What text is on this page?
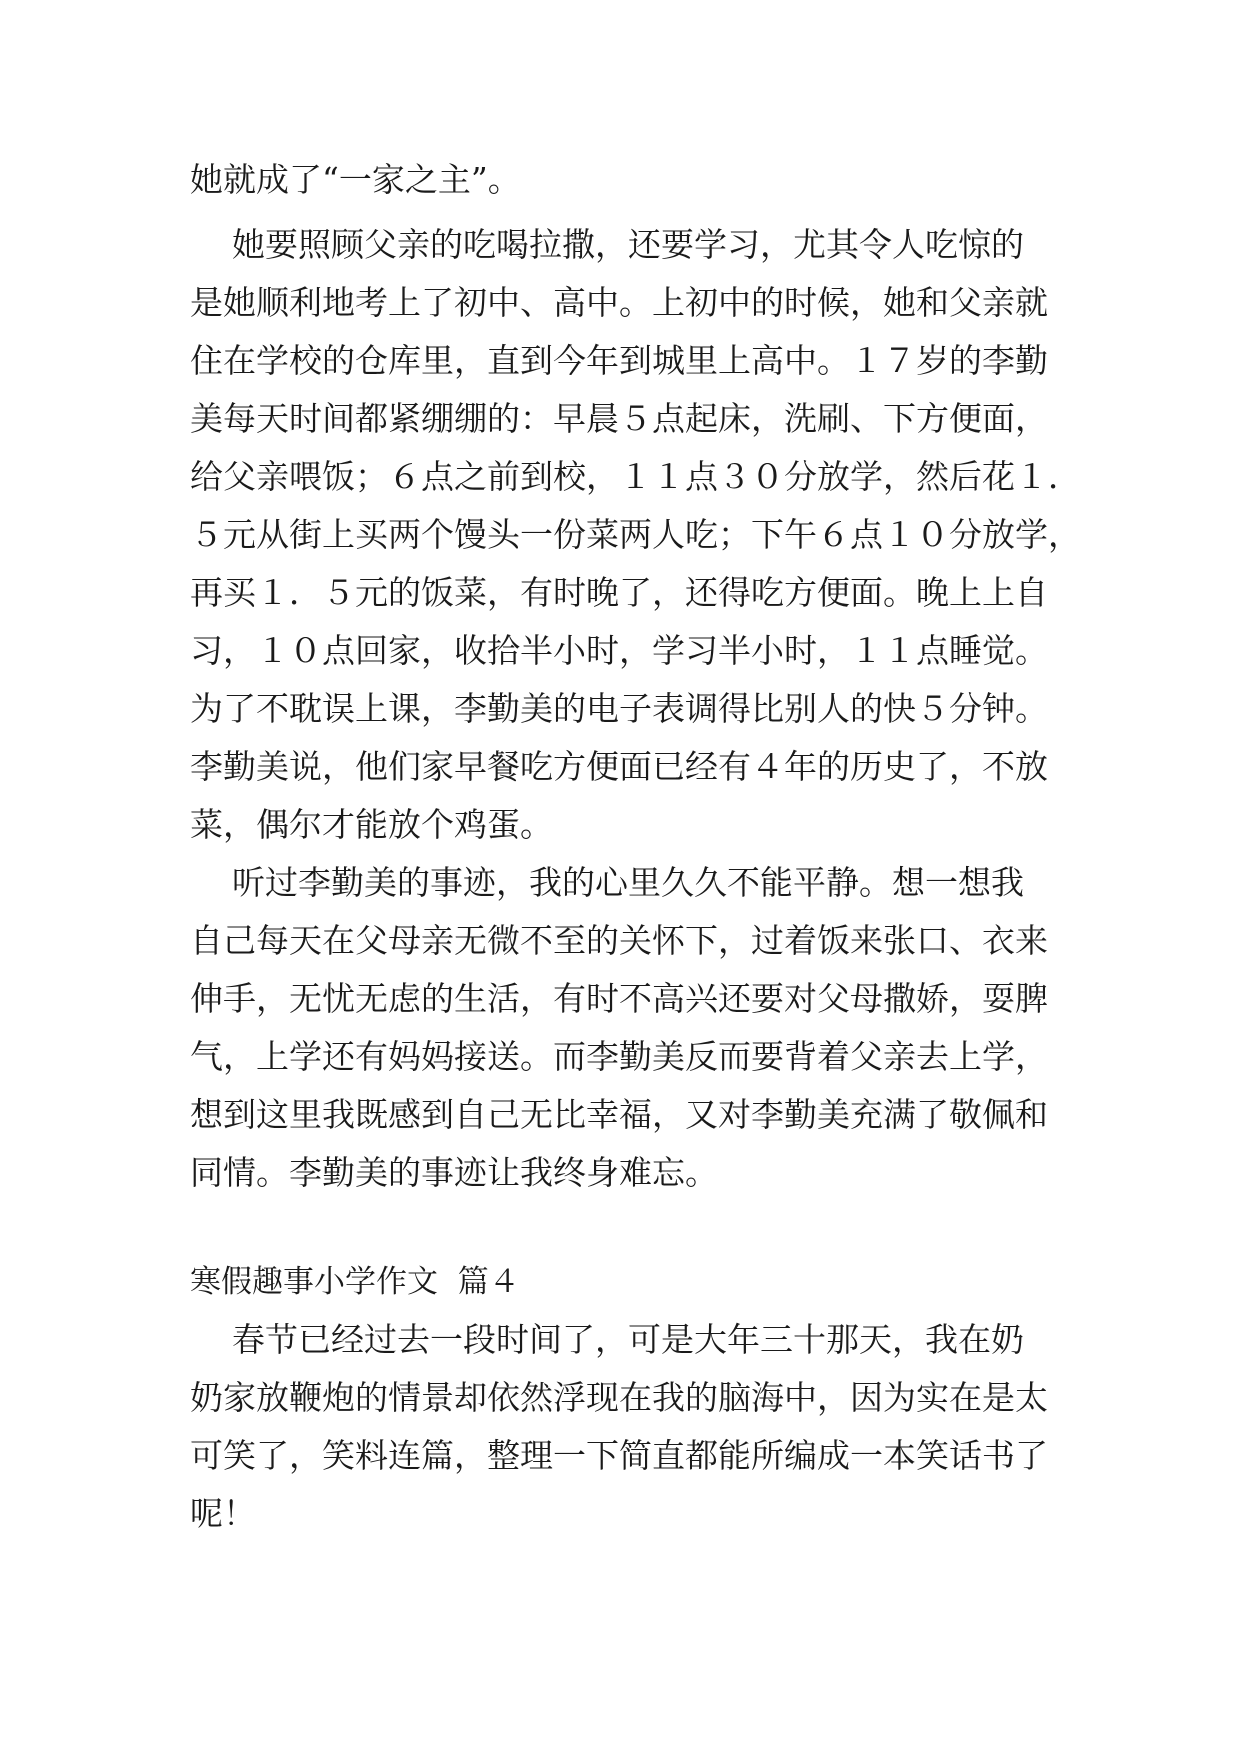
她就成了“一家之主”。
她要照顾父亲的吃喝拉撒，还要学习，尤其令人吃惊的
是她顺利地考上了初中、高中。上初中的时候，她和父亲就
住在学校的仓库里，直到今年到城里上高中。１７岁的李勤
美每天时间都紧绷绷的：早晨５点起床，洗刷、下方便面，
给父亲喂饭；６点之前到校，１１点３０分放学，然后花１．
５元从街上买两个馒头一份菜两人吃；下午６点１０分放学，
再买１．５元的饭菜，有时晚了，还得吃方便面。晚上上自
习，１０点回家，收拾半小时，学习半小时，１１点睡觉。
为了不耽误上课，李勤美的电子表调得比别人的快５分钟。
李勤美说，他们家早餐吃方便面已经有４年的历史了，不放
菜，偶尔才能放个鸡蛋。
听过李勤美的事迹，我的心里久久不能平静。想一想我
自己每天在父母亲无微不至的关怀下，过着饭来张口、衣来
伸手，无忧无虑的生活，有时不高兴还要对父母撒娇，耍脾
气，上学还有妈妈接送。而李勤美反而要背着父亲去上学，
想到这里我既感到自己无比幸福，又对李勤美充满了敬佩和
同情。李勤美的事迹让我终身难忘。
寒假趣事小学作文  篇４
春节已经过去一段时间了，可是大年三十那天，我在奶
奶家放鞭炮的情景却依然浮现在我的脑海中，因为实在是太
可笑了，笑料连篇，整理一下简直都能所编成一本笑话书了
呢！
